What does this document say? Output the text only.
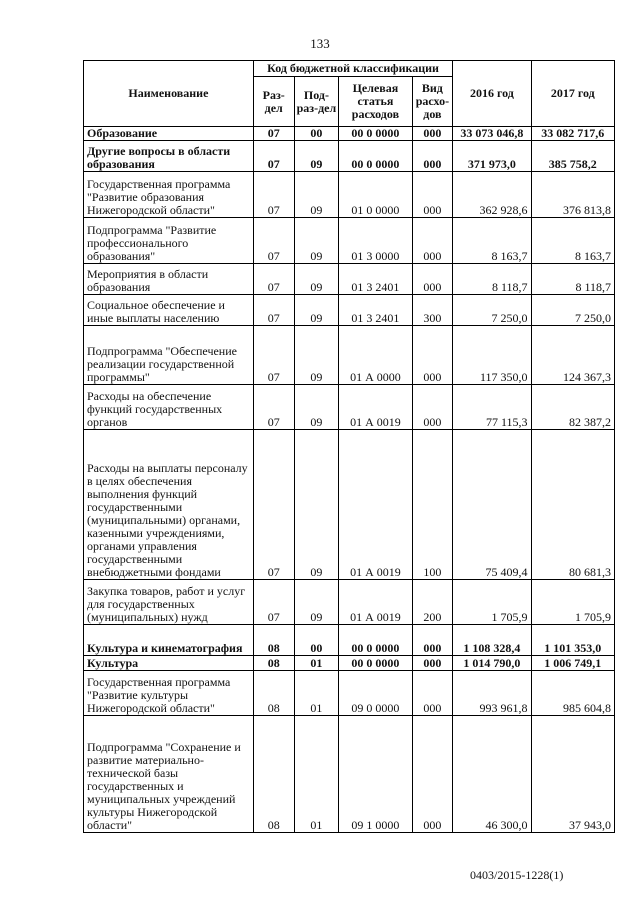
133
Наименование	Код бюджетной классификации				2016 год	2017 год
	Раз-дел	Под-раз-дел	Целевая статья расходов	Вид расхо-дов		
Образование	07	00	00 0 0000	000	33 073 046,8	33 082 717,6
Другие вопросы в области образования	07	09	00 0 0000	000	371 973,0	385 758,2
Государственная программа "Развитие образования Нижегородской области"	07	09	01 0 0000	000	362 928,6	376 813,8
Подпрограмма "Развитие профессионального образования"	07	09	01 3 0000	000	8 163,7	8 163,7
Мероприятия в области образования	07	09	01 3 2401	000	8 118,7	8 118,7
Социальное обеспечение и иные выплаты населению	07	09	01 3 2401	300	7 250,0	7 250,0
Подпрограмма "Обеспечение реализации государственной программы"	07	09	01 А 0000	000	117 350,0	124 367,3
Расходы на обеспечение функций государственных органов	07	09	01 А 0019	000	77 115,3	82 387,2
Расходы на выплаты персоналу в целях обеспечения выполнения функций государственными (муниципальными) органами, казенными учреждениями, органами управления государственными внебюджетными фондами	07	09	01 А 0019	100	75 409,4	80 681,3
Закупка товаров, работ и услуг для государственных (муниципальных) нужд	07	09	01 А 0019	200	1 705,9	1 705,9
Культура и кинематография	08	00	00 0 0000	000	1 108 328,4	1 101 353,0
Культура	08	01	00 0 0000	000	1 014 790,0	1 006 749,1
Государственная программа "Развитие культуры Нижегородской области"	08	01	09 0 0000	000	993 961,8	985 604,8
Подпрограмма "Сохранение и развитие материально-технической базы государственных и муниципальных учреждений культуры Нижегородской области"	08	01	09 1 0000	000	46 300,0	37 943,0
0403/2015-1228(1)
